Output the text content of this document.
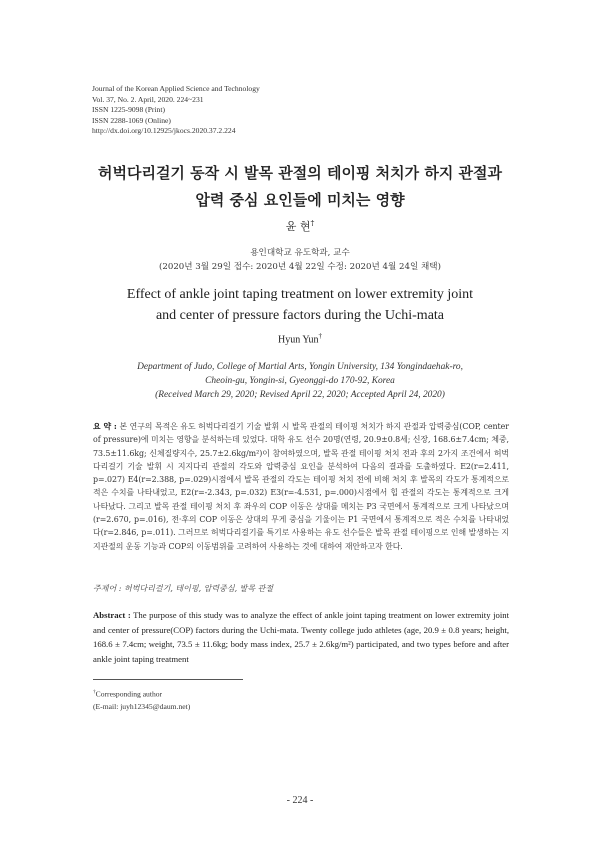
Journal of the Korean Applied Science and Technology
Vol. 37, No. 2. April, 2020. 224~231
ISSN 1225-9098 (Print)
ISSN 2288-1069 (Online)
http://dx.doi.org/10.12925/jkocs.2020.37.2.224
허벅다리걸기 동작 시 발목 관절의 테이핑 처치가 하지 관절과
압력 중심 요인들에 미치는 영향
윤 현†
용인대학교 유도학과, 교수
(2020년 3월 29일 접수: 2020년 4월 22일 수정: 2020년 4월 24일 채택)
Effect of ankle joint taping treatment on lower extremity joint
and center of pressure factors during the Uchi-mata
Hyun Yun†
Department of Judo, College of Martial Arts, Yongin University, 134 Yongindaehak-ro,
Cheoin-gu, Yongin-si, Gyeonggi-do 170-92, Korea
(Received March 29, 2020; Revised April 22, 2020; Accepted April 24, 2020)
요 약 : 본 연구의 목적은 유도 허벅다리걸기 기술 발휘 시 발목 관절의 테이핑 처치가 하지 관절과 압력중심(COP, center of pressure)에 미치는 영향을 분석하는데 있었다. 대학 유도 선수 20명(연령, 20.9±0.8세; 신장, 168.6±7.4cm; 체중, 73.5±11.6kg; 신체질량지수, 25.7±2.6kg/m²)이 참여하였으며, 발목 관절 테이핑 처치 전과 후의 2가지 조건에서 허벅다리걸기 기술 발휘 시 지지다리 관절의 각도와 압력중심 요인을 분석하여 다음의 결과를 도출하였다. E2(r=2.411, p=.027) E4(r=2.388, p=.029)시점에서 발목 관절의 각도는 테이핑 처치 전에 비해 처치 후 발목의 각도가 통계적으로 적은 수치를 나타내었고, E2(r=-2.343, p=.032) E3(r=-4.531, p=.000)시점에서 힙 관절의 각도는 통계적으로 크게 나타났다. 그리고 발목 관절 테이핑 처치 후 좌우의 COP 이동은 상대를 메치는 P3 국면에서 통계적으로 크게 나타났으며(r=2.670, p=.016), 전·후의 COP 이동은 상대의 무게 중심을 기울이는 P1 국면에서 통계적으로 적은 수치를 나타내었다(r=2.846, p=.011). 그러므로 허벅다리걸기를 특기로 사용하는 유도 선수들은 발목 관절 테이핑으로 인해 발생하는 지지관절의 운동 기능과 COP의 이동범위를 고려하여 사용하는 것에 대하여 재안하고자 한다.
주제어 : 허벅다리걸기, 테이핑, 압력중심, 발목 관절
Abstract : The purpose of this study was to analyze the effect of ankle joint taping treatment on lower extremity joint and center of pressure(COP) factors during the Uchi-mata. Twenty college judo athletes (age, 20.9 ± 0.8 years; height, 168.6 ± 7.4cm; weight, 73.5 ± 11.6kg; body mass index, 25.7 ± 2.6kg/m²) participated, and two types before and after ankle joint taping treatment
†Corresponding author
(E-mail: juyh12345@daum.net)
- 224 -
